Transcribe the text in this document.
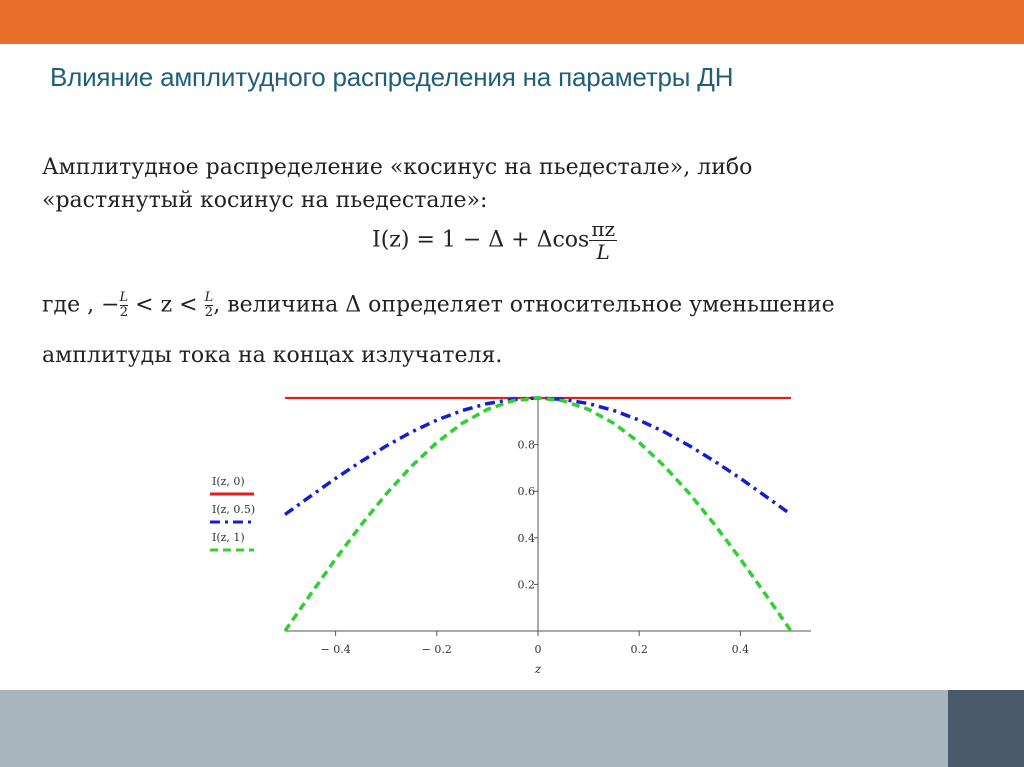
Влияние амплитудного распределения на параметры ДН
Амплитудное распределение «косинус на пьедестале», либо
«растянутый косинус на пьедестале»:
I(z) = 1 − Δ + Δcos $\frac{\pi z}{L}$
где , − $\frac{L}{2} < z < \frac{L}{2}$ , величина Δ определяет относительное уменьшение
амплитуды тока на концах излучателя.
I(z, 0)
I(z, 0.5)
I(z, 1)
− 0.4	− 0.2	0	0.2	0.4
0.2
0.4
0.6
0.8
z
